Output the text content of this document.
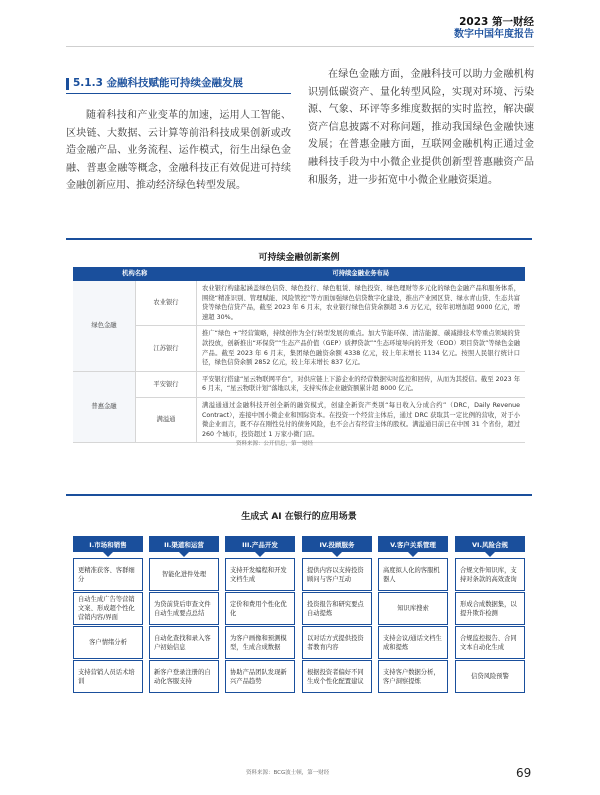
2023 第一财经
数字中国年度报告
5.1.3 金融科技赋能可持续金融发展
随着科技和产业变革的加速，运用人工智能、区块链、大数据、云计算等前沿科技成果创新或改造金融产品、业务流程、运作模式，衍生出绿色金融、普惠金融等概念，金融科技正有效促进可持续金融创新应用、推动经济绿色转型发展。
在绿色金融方面，金融科技可以助力金融机构识别低碳资产、量化转型风险，实现对环境、污染源、气象、环评等多维度数据的实时监控，解决碳资产信息披露不对称问题，推动我国绿色金融快速发展；在普惠金融方面，互联网金融机构正通过金融科技手段为中小微企业提供创新型普惠融资产品和服务，进一步拓宽中小微企业融资渠道。
可持续金融创新案例
机构名称		可持续金融业务布局
绿色金融	农业银行	农业银行构建起涵盖绿色信贷、绿色投行、绿色租赁、绿色投资、绿色理财等多元化的绿色金融产品和服务体系，围绕“精准识别、管理赋能、风险管控”等方面加强绿色信贷数字化建设，推出产业园区贷、绿水青山贷、生态共富贷等绿色信贷产品，截至 2023 年 6 月末，农业银行绿色信贷余额超 3.6 万亿元，较年初增加超 9000 亿元，增速超 30%。
	江苏银行	推广“绿色 +”经营策略，持续创作为全行转型发展的重点。加大节能环保、清洁能源、碳减排技术等重点领域的贷款投放，创新推出“环保贷”“生态产品价值（GEP）质押贷款”“生态环境导向的开发（EOD）项目贷款”等绿色金融产品。截至 2023 年 6 月末，集团绿色融资余额 4338 亿元，较上年末增长 1134 亿元。按照人民银行统计口径，绿色信贷余额 2852 亿元，较上年末增长 837 亿元。
普惠金融	平安银行	平安银行搭建“星云物联网平台”，对供应链上下游企业的经营数据实时监控和回传，从而为其授信。截至 2023 年 6 月末，“星云物联计划”落地以来，支持实体企业融资额累计超 8000 亿元。
	满溢通	满溢通通过金融科技开创全新的融资模式，创建全新资产类别“每日收入分成合约”（DRC，Daily Revenue Contract），连接中国小微企业和国际资本。在投资一个经营主体后，通过 DRC 获取其一定比例的营收，对于小微企业而言，既不存在刚性兑付的债务风险，也不会占有经营主体的股权。满溢通目前已在中国 31 个省份，超过 260 个城市，投资超过 1 万家小微门店。
资料来源：公开信息，第一财经
生成式 AI 在银行的应用场景
I.市场和销售
更精准获客、客群细分
自动生成广告等营销文案、形成超个性化营销内容/界面
客户情绪分析
支持营销人员话术培训
II.渠道和运营
智能化进件处理
为贷前贷后审查文件自动生成要点总结
自动化查找和录入客户初始信息
新客户登录注册的自动化客服支持
III.产品开发
支持开发编程和开发文档生成
定价和费用个性化优化
为客户画像和预测模型，生成合成数据
协助产品团队发现新兴产品趋势
IV.投顾服务
提供内容以支持投资顾问与客户互动
投资报告和研究要点自动提炼
以对话方式提供投资者教育内容
根据投资者偏好不同生成个性化配置建议
V.客户关系管理
高度拟人化的客服机器人
知识库搜索
支持会议/通话文档生成和提炼
支持客户数据分析，客户洞察提炼
VI.风险合规
合规文件知识库，支持对条款的高效查询
形成合成数据集，以提升欺诈检测
合规监控报告、合同文本自动化生成
信贷风险预警
资料来源：BCG波士顿，第一财经	69
